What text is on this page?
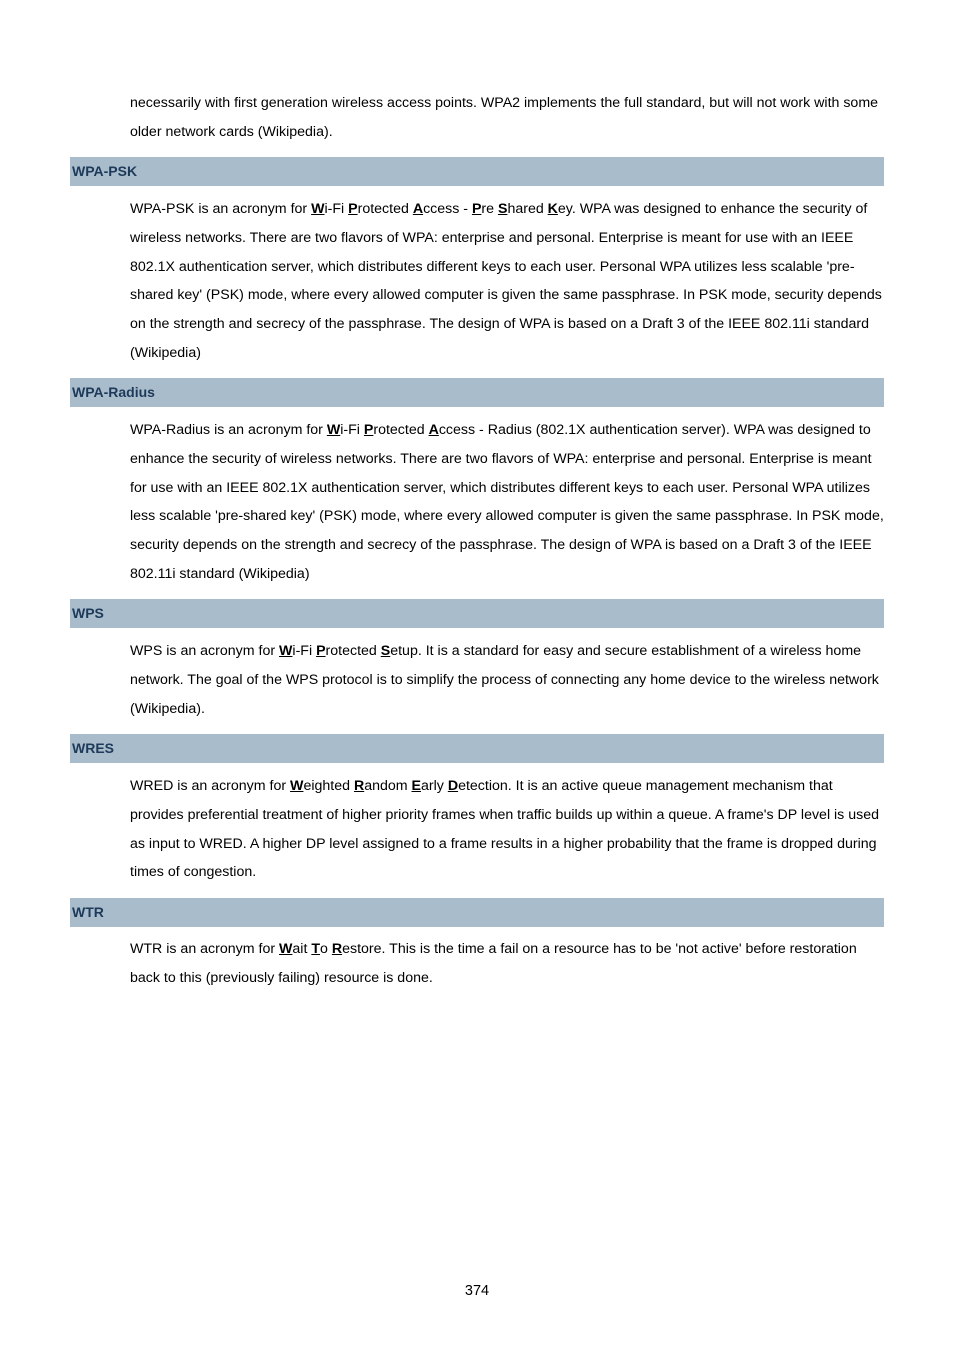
necessarily with first generation wireless access points. WPA2 implements the full standard, but will not work with some older network cards (Wikipedia).

WPA-PSK

WPA-PSK is an acronym for Wi-Fi Protected Access - Pre Shared Key. WPA was designed to enhance the security of wireless networks. There are two flavors of WPA: enterprise and personal. Enterprise is meant for use with an IEEE 802.1X authentication server, which distributes different keys to each user. Personal WPA utilizes less scalable 'pre-shared key' (PSK) mode, where every allowed computer is given the same passphrase. In PSK mode, security depends on the strength and secrecy of the passphrase. The design of WPA is based on a Draft 3 of the IEEE 802.11i standard (Wikipedia)

WPA-Radius

WPA-Radius is an acronym for Wi-Fi Protected Access - Radius (802.1X authentication server). WPA was designed to enhance the security of wireless networks. There are two flavors of WPA: enterprise and personal. Enterprise is meant for use with an IEEE 802.1X authentication server, which distributes different keys to each user. Personal WPA utilizes less scalable 'pre-shared key' (PSK) mode, where every allowed computer is given the same passphrase. In PSK mode, security depends on the strength and secrecy of the passphrase. The design of WPA is based on a Draft 3 of the IEEE 802.11i standard (Wikipedia)

WPS

WPS is an acronym for Wi-Fi Protected Setup. It is a standard for easy and secure establishment of a wireless home network. The goal of the WPS protocol is to simplify the process of connecting any home device to the wireless network (Wikipedia).

WRES

WRED is an acronym for Weighted Random Early Detection. It is an active queue management mechanism that provides preferential treatment of higher priority frames when traffic builds up within a queue. A frame's DP level is used as input to WRED. A higher DP level assigned to a frame results in a higher probability that the frame is dropped during times of congestion.

WTR

WTR is an acronym for Wait To Restore. This is the time a fail on a resource has to be 'not active' before restoration back to this (previously failing) resource is done.

374
